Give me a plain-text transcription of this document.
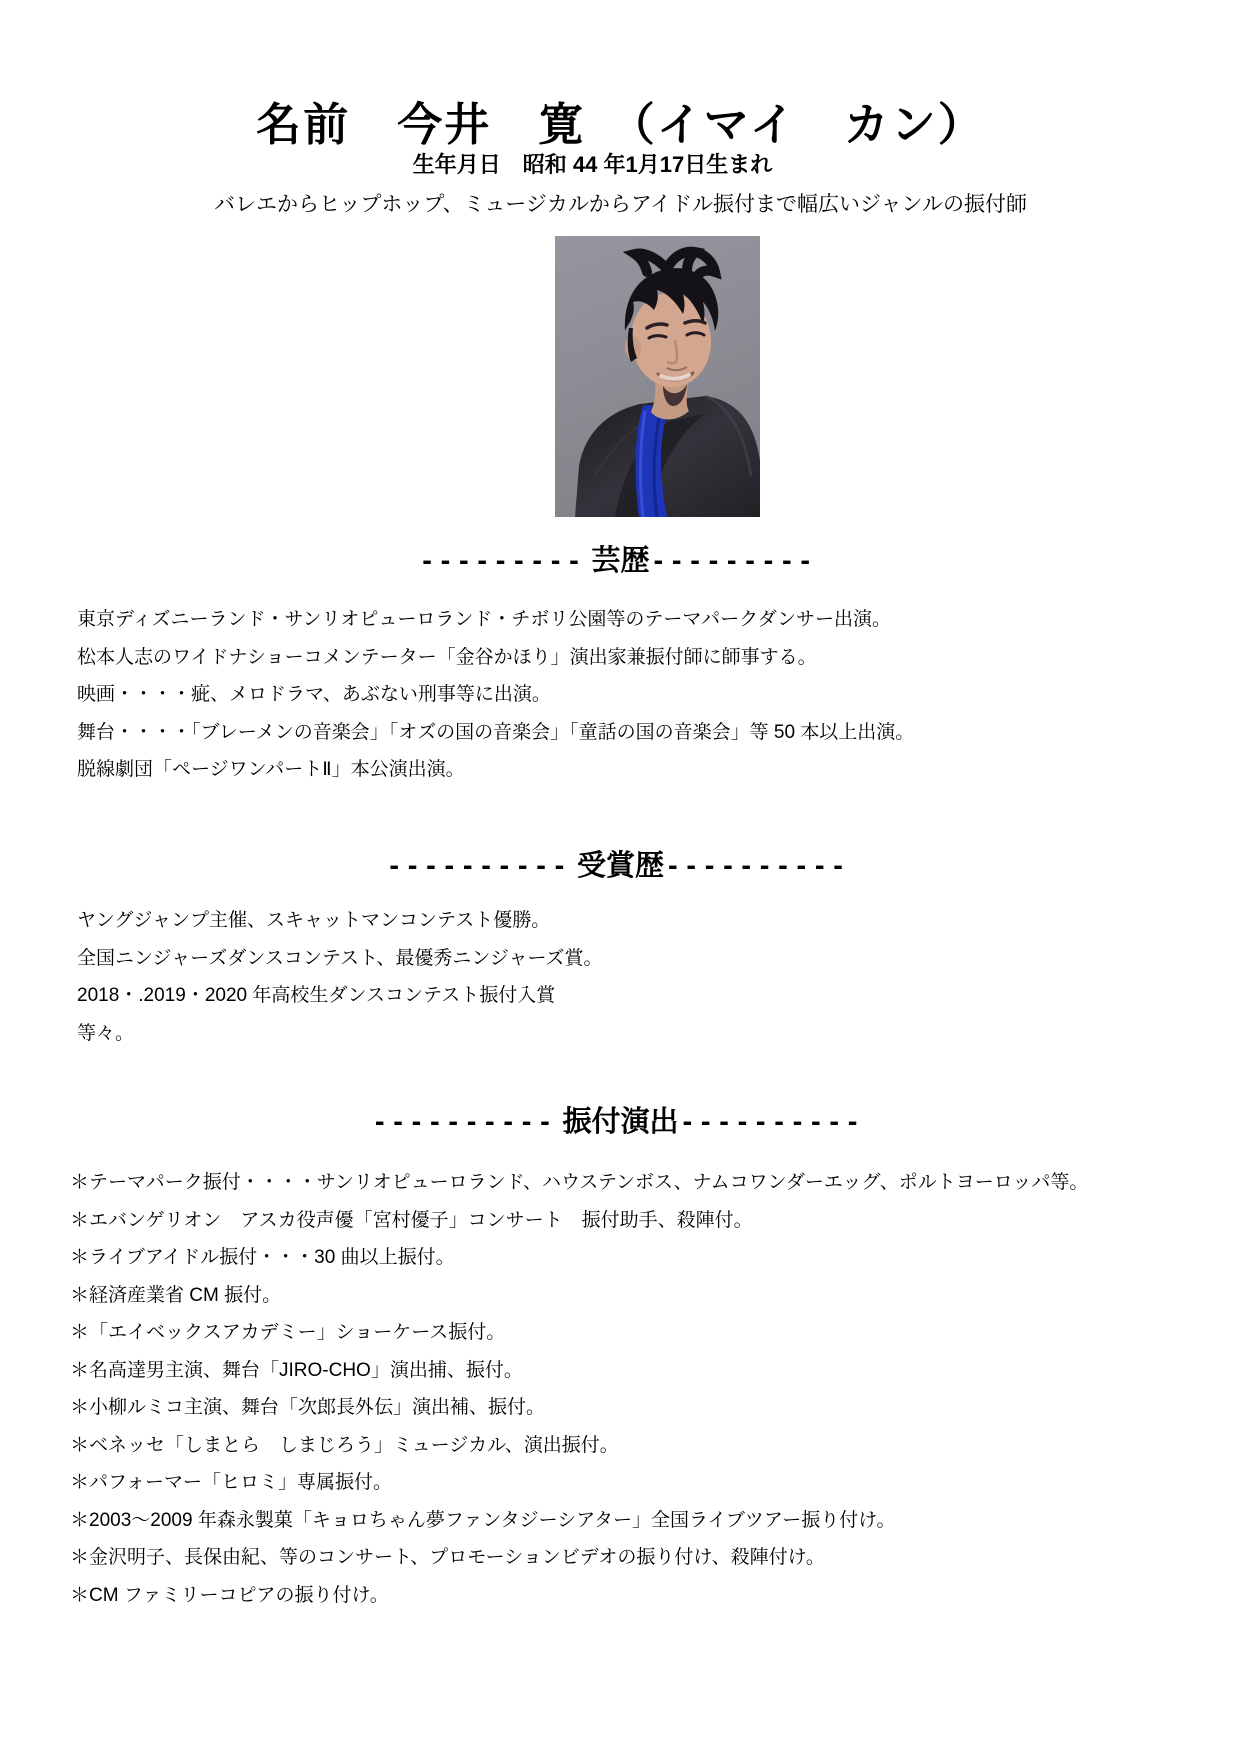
名前　今井　寛　（イマイ　カン）
生年月日　昭和 44 年1月17日生まれ
バレエからヒップホップ、ミュージカルからアイドル振付まで幅広いジャンルの振付師
--------- 芸歴 ---------
東京ディズニーランド・サンリオピューロランド・チボリ公園等のテーマパークダンサー出演。
松本人志のワイドナショーコメンテーター「金谷かほり」演出家兼振付師に師事する。
映画・・・・疵、メロドラマ、あぶない刑事等に出演。
舞台・・・・「ブレーメンの音楽会」「オズの国の音楽会」「童話の国の音楽会」等 50 本以上出演。
脱線劇団「ページワンパートⅡ」本公演出演。
---------- 受賞歴 ----------
ヤングジャンプ主催、スキャットマンコンテスト優勝。
全国ニンジャーズダンスコンテスト、最優秀ニンジャーズ賞。
2018・.2019・2020 年高校生ダンスコンテスト振付入賞
等々。
---------- 振付演出 ----------
＊テーマパーク振付・・・・サンリオピューロランド、ハウステンボス、ナムコワンダーエッグ、ポルトヨーロッパ等。
＊エバンゲリオン　アスカ役声優「宮村優子」コンサート　振付助手、殺陣付。
＊ライブアイドル振付・・・30 曲以上振付。
＊経済産業省 CM 振付。
＊「エイベックスアカデミー」ショーケース振付。
＊名高達男主演、舞台「JIRO-CHO」演出捕、振付。
＊小柳ルミコ主演、舞台「次郎長外伝」演出補、振付。
＊ベネッセ「しまとら　しまじろう」ミュージカル、演出振付。
＊パフォーマー「ヒロミ」専属振付。
＊2003～2009 年森永製菓「キョロちゃん夢ファンタジーシアター」全国ライブツアー振り付け。
＊金沢明子、長保由紀、等のコンサート、プロモーションビデオの振り付け、殺陣付け。
＊CM ファミリーコピアの振り付け。
